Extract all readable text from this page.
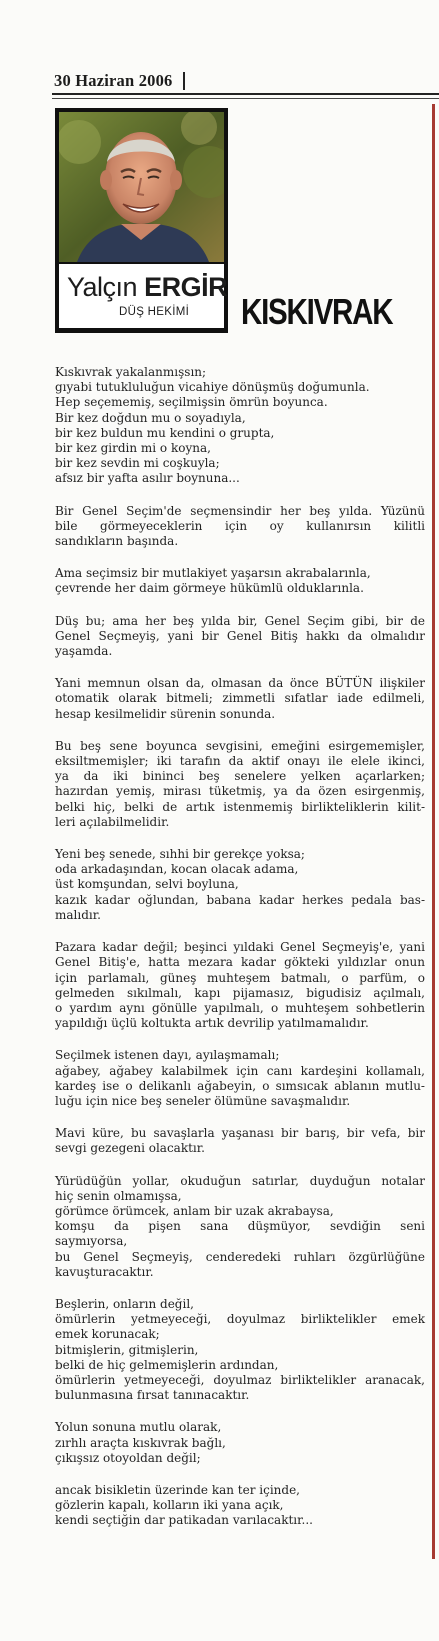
30 Haziran 2006
Yalçın ERGİR
DÜŞ HEKİMİ KISKIVRAK
Kıskıvrak yakalanmışsın;
gıyabi tutukluluğun vicahiye dönüşmüş doğumunla.
Hep seçememiş, seçilmişsin ömrün boyunca.
Bir kez doğdun mu o soyadıyla,
bir kez buldun mu kendini o grupta,
bir kez girdin mi o koyna,
bir kez sevdin mi coşkuyla;
afsız bir yafta asılır boynuna...
Bir Genel Seçim'de seçmensindir her beş yılda. Yüzünü
bile görmeyeceklerin için oy kullanırsın kilitli
sandıkların başında.
Ama seçimsiz bir mutlakiyet yaşarsın akrabalarınla,
çevrende her daim görmeye hükümlü olduklarınla.
Düş bu; ama her beş yılda bir, Genel Seçim gibi, bir de
Genel Seçmeyiş, yani bir Genel Bitiş hakkı da olmalıdır
yaşamda.
Yani memnun olsan da, olmasan da önce BÜTÜN ilişkiler
otomatik olarak bitmeli; zimmetli sıfatlar iade edilmeli,
hesap kesilmelidir sürenin sonunda.
Bu beş sene boyunca sevgisini, emeğini esirgememişler,
eksiltmemişler; iki tarafın da aktif onayı ile elele ikinci,
ya da iki bininci beş senelere yelken açarlarken;
hazırdan yemiş, mirası tüketmiş, ya da özen esirgenmiş,
belki hiç, belki de artık istenmemiş birlikteliklerin kilit-
leri açılabilmelidir.
Yeni beş senede, sıhhi bir gerekçe yoksa;
oda arkadaşından, kocan olacak adama,
üst komşundan, selvi boyluna,
kazık kadar oğlundan, babana kadar herkes pedala bas-
malıdır.
Pazara kadar değil; beşinci yıldaki Genel Seçmeyiş'e, yani
Genel Bitiş'e, hatta mezara kadar gökteki yıldızlar onun
için parlamalı, güneş muhteşem batmalı, o parfüm, o
gelmeden sıkılmalı, kapı pijamasız, bigudisiz açılmalı,
o yardım aynı gönülle yapılmalı, o muhteşem sohbetlerin
yapıldığı üçlü koltukta artık devrilip yatılmamalıdır.
Seçilmek istenen dayı, ayılaşmamalı;
ağabey, ağabey kalabilmek için canı kardeşini kollamalı,
kardeş ise o delikanlı ağabeyin, o sımsıcak ablanın mutlu-
luğu için nice beş seneler ölümüne savaşmalıdır.
Mavi küre, bu savaşlarla yaşanası bir barış, bir vefa, bir
sevgi gezegeni olacaktır.
Yürüdüğün yollar, okuduğun satırlar, duyduğun notalar
hiç senin olmamışsa,
görümce örümcek, anlam bir uzak akrabaysa,
komşu da pişen sana düşmüyor, sevdiğin seni
saymıyorsa,
bu Genel Seçmeyiş, cenderedeki ruhları özgürlüğüne
kavuşturacaktır.
Beşlerin, onların değil,
ömürlerin yetmeyeceği, doyulmaz birliktelikler emek
emek korunacak;
bitmişlerin, gitmişlerin,
belki de hiç gelmemişlerin ardından,
ömürlerin yetmeyeceği, doyulmaz birliktelikler aranacak,
bulunmasına fırsat tanınacaktır.
Yolun sonuna mutlu olarak,
zırhlı araçta kıskıvrak bağlı,
çıkışsız otoyoldan değil;
ancak bisikletin üzerinde kan ter içinde,
gözlerin kapalı, kolların iki yana açık,
kendi seçtiğin dar patikadan varılacaktır...
